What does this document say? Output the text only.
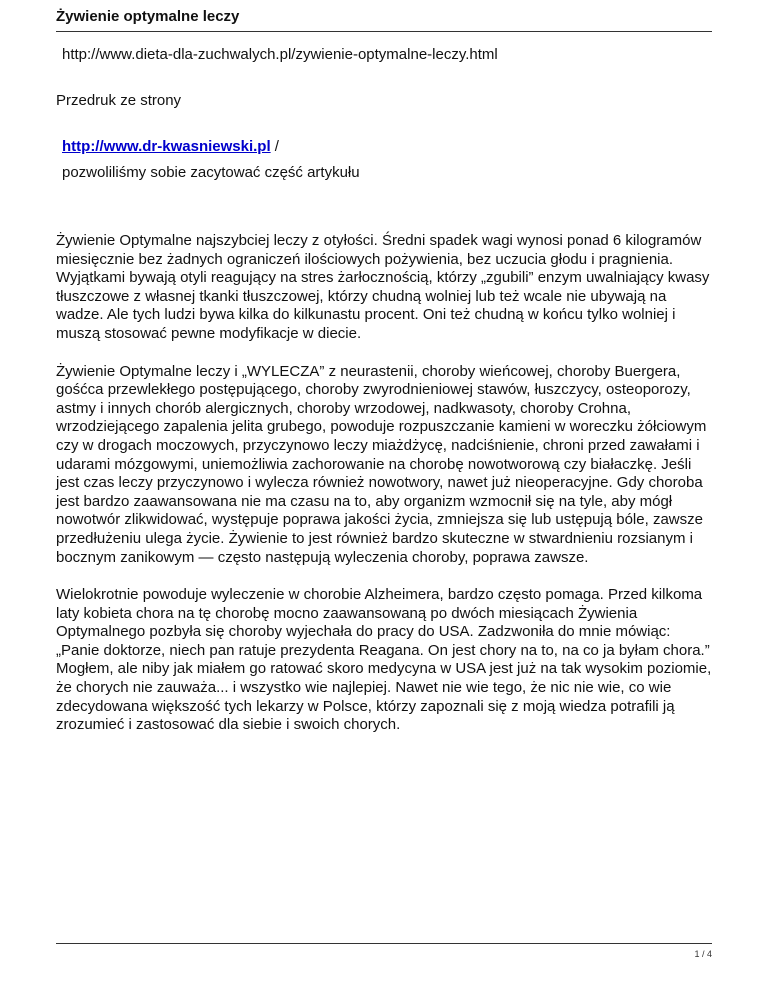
Żywienie optymalne leczy
http://www.dieta-dla-zuchwalych.pl/zywienie-optymalne-leczy.html
Przedruk ze strony
http://www.dr-kwasniewski.pl /
pozwoliliśmy sobie zacytować część artykułu

Żywienie Optymalne najszybciej leczy z otyłości. Średni spadek wagi wynosi ponad 6 kilogramów miesięcznie bez żadnych ograniczeń ilościowych pożywienia, bez uczucia głodu i pragnienia. Wyjątkami bywają otyli reagujący na stres żarłocznością, którzy „zgubili” enzym uwalniający kwasy tłuszczowe z własnej tkanki tłuszczowej, którzy chudną wolniej lub też wcale nie ubywają na wadze. Ale tych ludzi bywa kilka do kilkunastu procent. Oni też chudną w końcu tylko wolniej i muszą stosować pewne modyfikacje w diecie.

Żywienie Optymalne leczy i „WYLECZA” z neurastenii, choroby wieńcowej, choroby Buergera, gośćca przewlekłego postępującego, choroby zwyrodnieniowej stawów, łuszczycy, osteoporozy, astmy i innych chorób alergicznych, choroby wrzodowej, nadkwasoty, choroby Crohna, wrzodziejącego zapalenia jelita grubego, powoduje rozpuszczanie kamieni w woreczku żółciowym czy w drogach moczowych, przyczynowo leczy miażdżycę, nadciśnienie, chroni przed zawałami i udarami mózgowymi, uniemożliwia zachorowanie na chorobę nowotworową czy białaczkę. Jeśli jest czas leczy przyczynowo i wylecza również nowotwory, nawet już nieoperacyjne. Gdy choroba jest bardzo zaawansowana nie ma czasu na to, aby organizm wzmocnił się na tyle, aby mógł nowotwór zlikwidować, występuje poprawa jakości życia, zmniejsza się lub ustępują bóle, zawsze przedłużeniu ulega życie. Żywienie to jest również bardzo skuteczne w stwardnieniu rozsianym i bocznym zanikowym — często następują wyleczenia choroby, poprawa zawsze.

Wielokrotnie powoduje wyleczenie w chorobie Alzheimera, bardzo często pomaga. Przed kilkoma laty kobieta chora na tę chorobę mocno zaawansowaną po dwóch miesiącach Żywienia Optymalnego pozbyła się choroby wyjechała do pracy do USA. Zadzwoniła do mnie mówiąc: „Panie doktorze, niech pan ratuje prezydenta Reagana. On jest chory na to, na co ja byłam chora.”

Mogłem, ale niby jak miałem go ratować skoro medycyna w USA jest już na tak wysokim poziomie, że chorych nie zauważa... i wszystko wie najlepiej. Nawet nie wie tego, że nic nie wie, co wie zdecydowana większość tych lekarzy w Polsce, którzy zapoznali się z moją wiedza potrafili ją zrozumieć i zastosować dla siebie i swoich chorych.

1 / 4
